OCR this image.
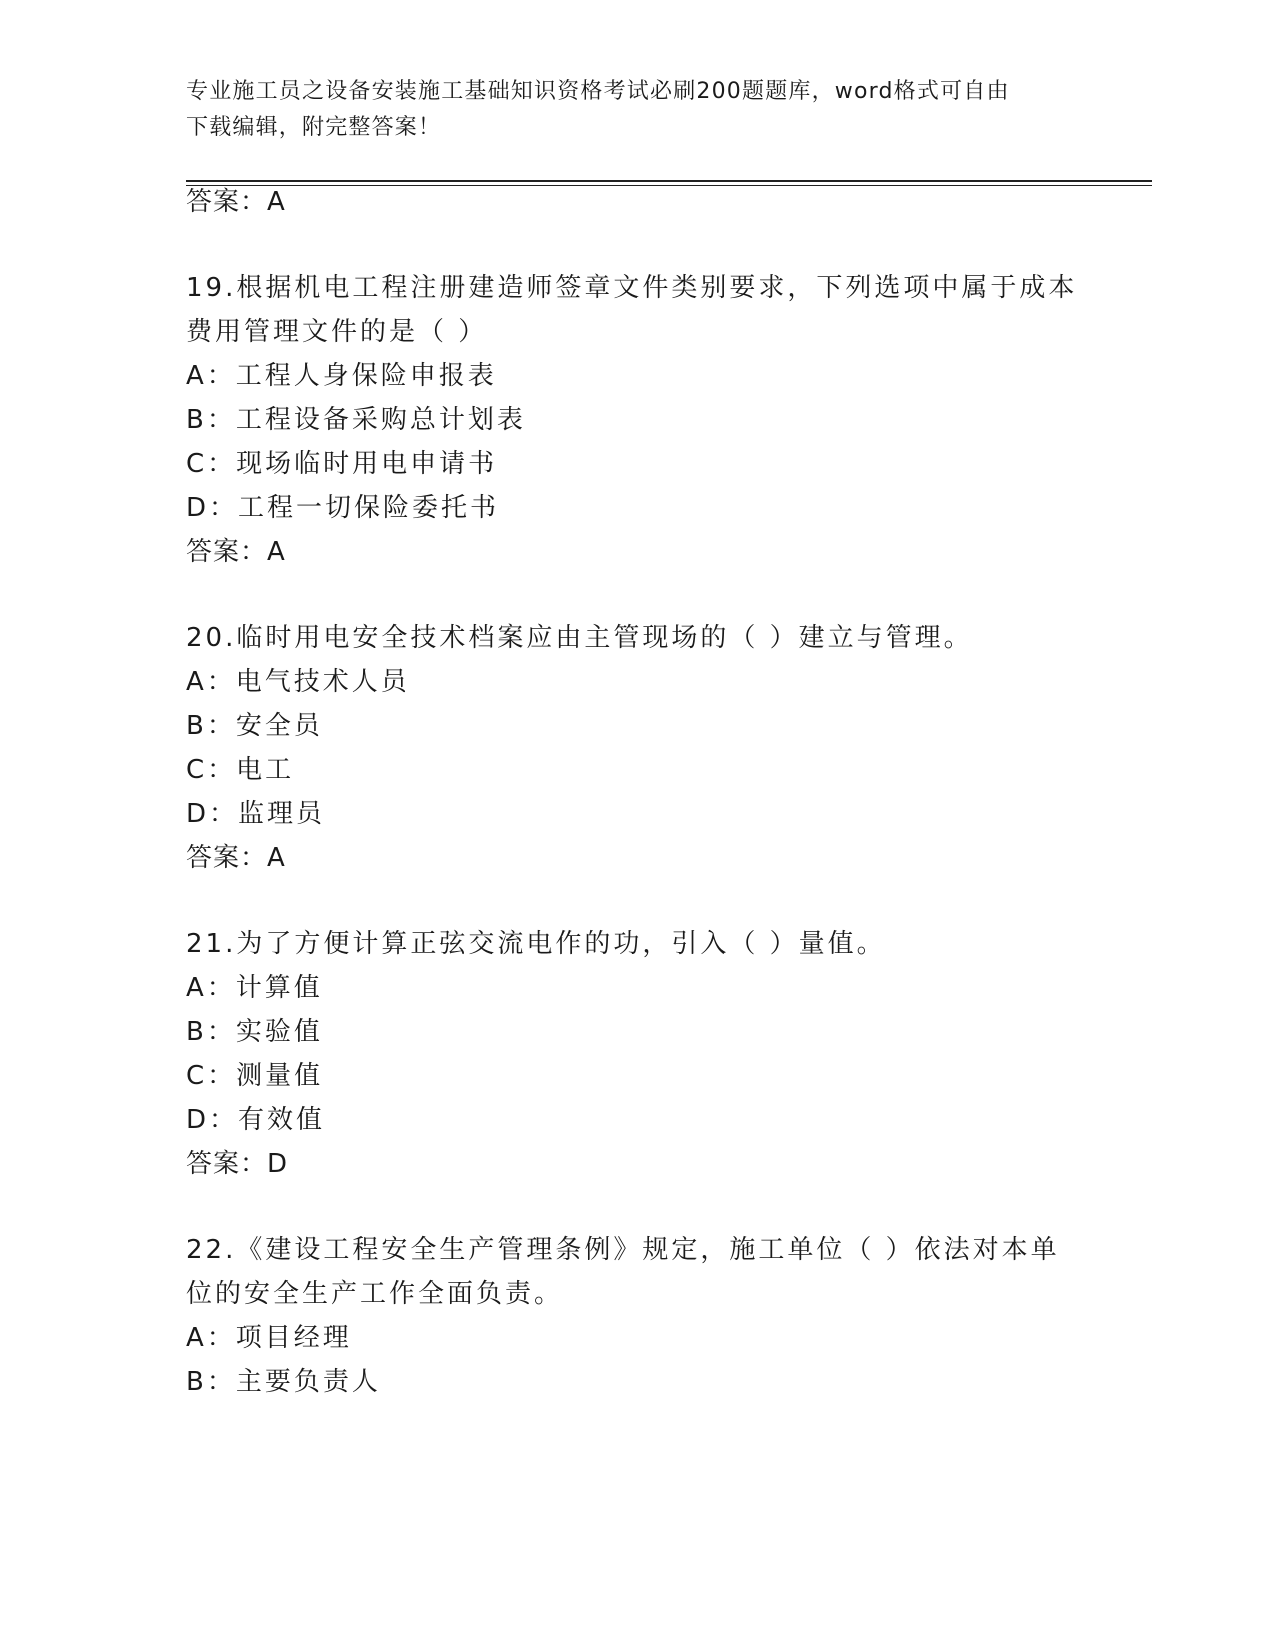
专业施工员之设备安装施工基础知识资格考试必刷200题题库，word格式可自由
下载编辑，附完整答案！
答案：A
19.根据机电工程注册建造师签章文件类别要求，下列选项中属于成本
费用管理文件的是（ ）
A：工程人身保险申报表
B：工程设备采购总计划表
C：现场临时用电申请书
D：工程一切保险委托书
答案：A
20.临时用电安全技术档案应由主管现场的（ ）建立与管理。
A：电气技术人员
B：安全员
C：电工
D：监理员
答案：A
21.为了方便计算正弦交流电作的功，引入（ ）量值。
A：计算值
B：实验值
C：测量值
D：有效值
答案：D
22.《建设工程安全生产管理条例》规定，施工单位（ ）依法对本单
位的安全生产工作全面负责。
A：项目经理
B：主要负责人
